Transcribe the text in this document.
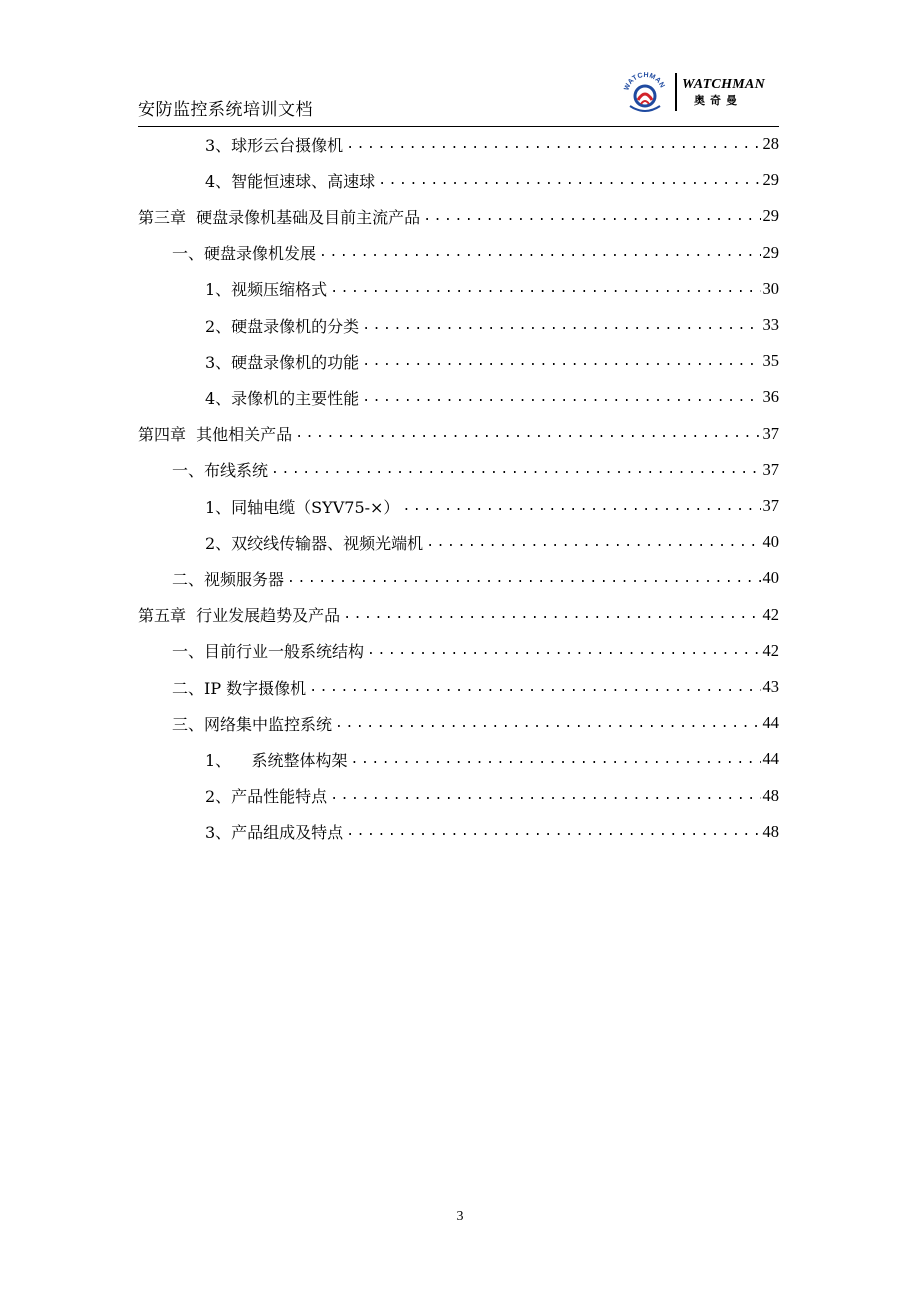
安防监控系统培训文档
WATCHMAN WATCHMAN
奥奇曼
3、球形云台摄像机 .....	28
4、智能恒速球、高速球 .....	29
第三章  硬盘录像机基础及目前主流产品 .....	29
一、硬盘录像机发展 .....	29
1、视频压缩格式 .....	30
2、硬盘录像机的分类 .....	33
3、硬盘录像机的功能 .....	35
4、录像机的主要性能 .....	36
第四章  其他相关产品 .....	37
一、布线系统 .....	37
1、同轴电缆（SYV75-×） .....	37
2、双绞线传输器、视频光端机 .....	40
二、视频服务器 .....	40
第五章  行业发展趋势及产品 .....	42
一、目前行业一般系统结构 .....	42
二、IP 数字摄像机 .....	43
三、网络集中监控系统 .....	44
1、    系统整体构架 .....	44
2、产品性能特点 .....	48
3、产品组成及特点 .....	48
3
